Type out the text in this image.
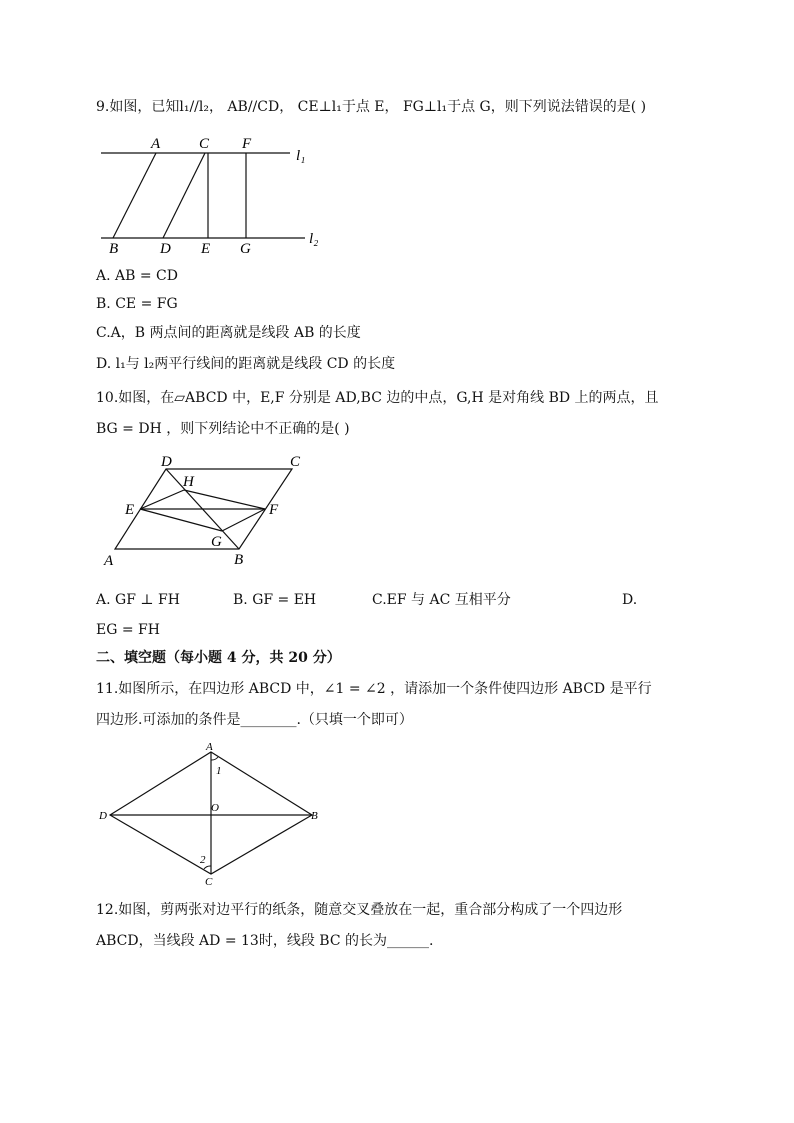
9.如图，已知l₁//l₂， AB//CD， CE⊥l₁于点 E， FG⊥l₁于点 G，则下列说法错误的是( )
A	C F
l₁
B	D E G
l₂
A. AB = CD
B. CE = FG
C.A，B 两点间的距离就是线段 AB 的长度
D. l₁与 l₂两平行线间的距离就是线段 CD 的长度
10.如图，在▱ABCD 中，E,F 分别是 AD,BC 边的中点，G,H 是对角线 BD 上的两点，且
BG = DH ，则下列结论中不正确的是( )
D	C
H
E	F
G
A	B
A. GF ⊥ FH	B. GF = EH	C.EF 与 AC 互相平分	D.
EG = FH
二、填空题（每小题 4 分，共 20 分）
11.如图所示，在四边形 ABCD 中，∠1 = ∠2 ，请添加一个条件使四边形 ABCD 是平行
四边形.可添加的条件是________.（只填一个即可）
A
1
D
O
B
2
C
12.如图，剪两张对边平行的纸条，随意交叉叠放在一起，重合部分构成了一个四边形
ABCD，当线段 AD = 13时，线段 BC 的长为______.
